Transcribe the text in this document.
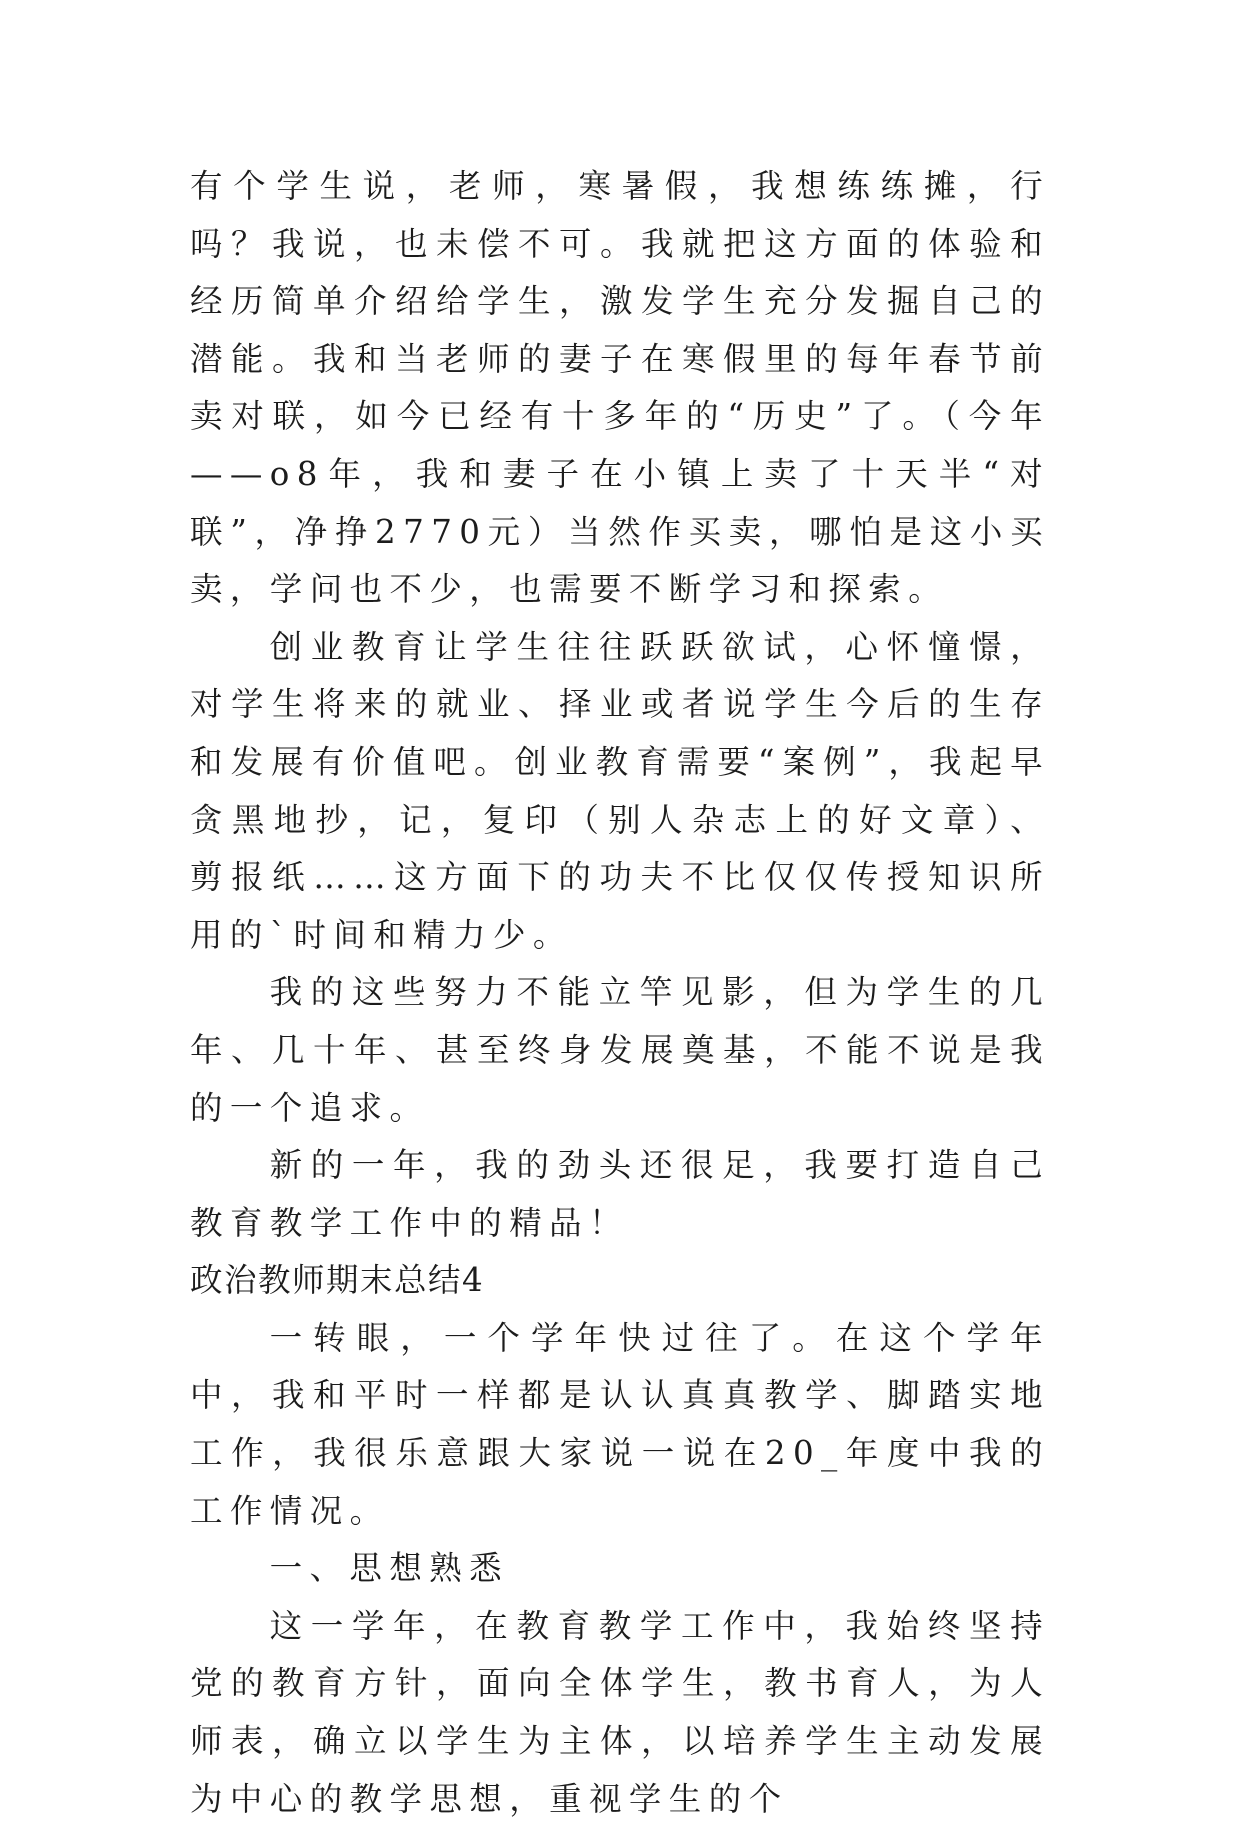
有个学生说，老师，寒暑假，我想练练摊，行吗？我说，也未偿不可。我就把这方面的体验和经历简单介绍给学生，激发学生充分发掘自己的潜能。我和当老师的妻子在寒假里的每年春节前卖对联，如今已经有十多年的“历史”了。（今年——o8年，我和妻子在小镇上卖了十天半“对联”，净挣2770元）当然作买卖，哪怕是这小买卖，学问也不少，也需要不断学习和探索。

创业教育让学生往往跃跃欲试，心怀憧憬，对学生将来的就业、择业或者说学生今后的生存和发展有价值吧。创业教育需要“案例”，我起早贪黑地抄，记，复印（别人杂志上的好文章）、剪报纸……这方面下的功夫不比仅仅传授知识所用的`时间和精力少。

我的这些努力不能立竿见影，但为学生的几年、几十年、甚至终身发展奠基，不能不说是我的一个追求。

新的一年，我的劲头还很足，我要打造自己教育教学工作中的精品！

政治教师期末总结4

一转眼，一个学年快过往了。在这个学年中，我和平时一样都是认认真真教学、脚踏实地工作，我很乐意跟大家说一说在20_年度中我的工作情况。

一、思想熟悉

这一学年，在教育教学工作中，我始终坚持党的教育方针，面向全体学生，教书育人，为人师表，确立以学生为主体，以培养学生主动发展为中心的教学思想，重视学生的个
